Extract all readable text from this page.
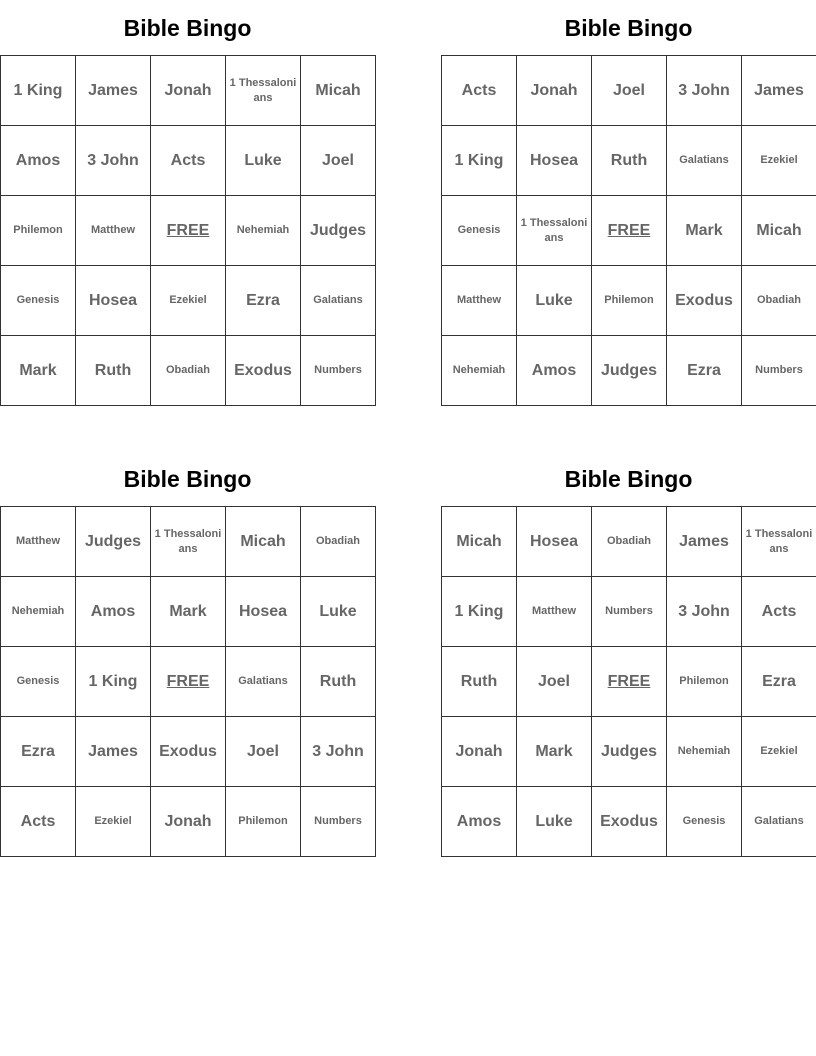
Bible Bingo
1 King	James	Jonah	1 Thessalonians	Micah
Amos	3 John	Acts	Luke	Joel
Philemon	Matthew	FREE	Nehemiah	Judges
Genesis	Hosea	Ezekiel	Ezra	Galatians
Mark	Ruth	Obadiah	Exodus	Numbers
Bible Bingo
Acts	Jonah	Joel	3 John	James
1 King	Hosea	Ruth	Galatians	Ezekiel
Genesis	1 Thessalonians	FREE	Mark	Micah
Matthew	Luke	Philemon	Exodus	Obadiah
Nehemiah	Amos	Judges	Ezra	Numbers
Bible Bingo
Matthew	Judges	1 Thessalonians	Micah	Obadiah
Nehemiah	Amos	Mark	Hosea	Luke
Genesis	1 King	FREE	Galatians	Ruth
Ezra	James	Exodus	Joel	3 John
Acts	Ezekiel	Jonah	Philemon	Numbers
Bible Bingo
Micah	Hosea	Obadiah	James	1 Thessalonians
1 King	Matthew	Numbers	3 John	Acts
Ruth	Joel	FREE	Philemon	Ezra
Jonah	Mark	Judges	Nehemiah	Ezekiel
Amos	Luke	Exodus	Genesis	Galatians
